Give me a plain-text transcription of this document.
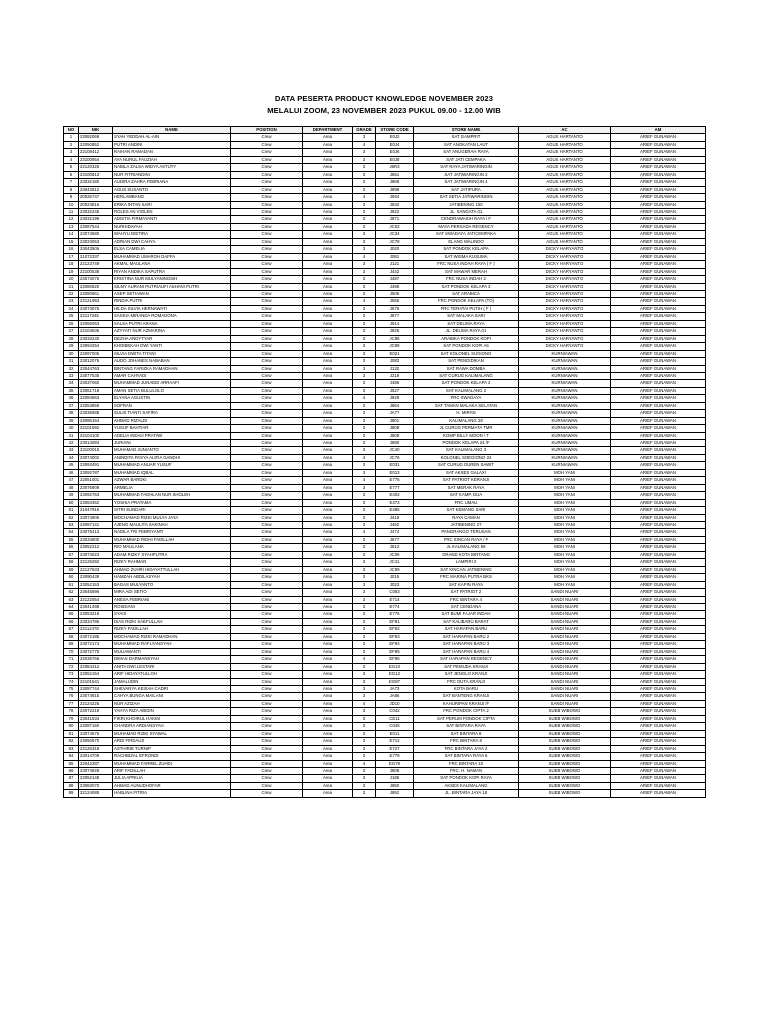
DATA PESERTA PRODUCT KNOWLEDGE NOVEMBER 2023
MELALUI ZOOM, 23 NOVEMBER 2023 PUKUL 09.00 - 12.00 WIB
NO	NIK	NAME	POSITION	DEPARTMENT	GRADE	STORE CODE	STORE NAME	AC	AM
1	23082069	SYAH YEDDAH AL-AIN	Crew	Area	3	E0J2	SAT GAMPRIT	AGUS HARTANTO	ARIEF GUNAWAN
2	22050852	PUTRI ANDINI	Crew	Area	4	E0J4	SAT ANGKATAN LAUT	AGUS HARTANTO	ARIEF GUNAWAN
3	22108412	RAIHAN RAMADAN	Crew	Area	3	E0J6	SAT ANUGERAH RAYA	AGUS HARTANTO	ARIEF GUNAWAN
4	23100654	AYA NURUL FAUZIAH	Crew	Area	3	E0J8	SAT JATI CEMPAKA	AGUS HARTANTO	ARIEF GUNAWAN
5	22120326	NABILA ZALSA WIDYA ASTUTY	Crew	Area	3	J6R3	SAT RAYA JATIWARINGIN	AGUS HARTANTO	ARIEF GUNAWAN
6	23100813	NUR FITRIANDINI	Crew	Area	3	J851	SAT JATIWARINGIN 2	AGUS HARTANTO	ARIEF GUNAWAN
7	23032180	AUDIRA ZAHRA FEBRIANA	Crew	Area	3	J868	SAT JATIWARINGIN 4	AGUS HARTANTO	ARIEF GUNAWAN
8	23043512	AGUS SUSANTO	Crew	Area	3	J899	SAT JATIPURA	AGUS HARTANTO	ARIEF GUNAWAN
9	20026747	HERLAMBANG	Crew	Area	4	J934	SAT SETIA JATIWARINGIN	AGUS HARTANTO	ARIEF GUNAWAN
10	20023816	ERIKA INTAN SARI	Crew	Area	3	J832	JATIBENING 150	AGUS HARTANTO	ARIEF GUNAWAN
11	23032245	ROLES AN VIOLEN	Crew	Area	3	J822	JL. SANGATA 01	AGUS HARTANTO	ARIEF GUNAWAN
12	23032199	ADISTIA FIRMAYANTI	Crew	Area	3	J871	CENDRAWASIH RAYA / F	AGUS HARTANTO	ARIEF GUNAWAN
13	23087544	NURHIDAYAH	Crew	Area	3	JC02	MAYA PERSADA REGENCY	AGUS HARTANTO	ARIEF GUNAWAN
14	23074580	WAHYU DIETIRA	Crew	Area	3	JC34	SAT SWADAYA JATICEMPAKA	AGUS HARTANTO	ARIEF GUNAWAN
15	23023063	ADRIAN DWI CAHYA	Crew	Area	3	JC78	ELANG MALINDO	AGUS HARTANTO	ARIEF GUNAWAN
16	23043506	ELSA CAMELIA	Crew	Area	3	J020	SAT PONDOK KELAPA	DICKY HARYANTO	ARIEF GUNAWAN
17	21072337	MUHAMMAD UMAROH DAFFA	Crew	Area	4	J081	SAT WISMA KUSUMA	DICKY HARYANTO	ARIEF GUNAWAN
18	22123749	AKMAL MAULANA	Crew	Area	3	J121	FRC NUSA INDAH RAYA ( F )	DICKY HARYANTO	ARIEF GUNAWAN
19	22100538	RIYAN ANDIKA SAPUTRA	Crew	Area	3	J442	SAT MAWAR MERAH	DICKY HARYANTO	ARIEF GUNAWAN
20	23073076	KRISTINA NUR MULYANINGSIH	Crew	Area	3	J487	FRC NUSA INDAH 2	DICKY HARYANTO	ARIEF GUNAWAN
21	23080820	SILMY AURANI PUTRIAUFI ASHANI PUTRI	Crew	Area	3	J498	SAT PONDOK KELAPA 3	DICKY HARYANTO	ARIEF GUNAWAN
22	23080861	ASEP SETIAWAN	Crew	Area	3	J506	SAT ARABICA	DICKY HARYANTO	ARIEF GUNAWAN
23	22121953	RINDIA PUTRI	Crew	Area	4	J556	FRC PONDOK KELAPA (TO)	DICKY HARYANTO	ARIEF GUNAWAN
24	23073075	HILDA SILVIA HERNAWATI	Crew	Area	3	J675	FRC TERATAI PUTIH ( F )	DICKY HARYANTO	ARIEF GUNAWAN
25	22117345	SASKIA MIRANDA ROMADONA	Crew	Area	3	J877	SAT MALAKA SARI	DICKY HARYANTO	ARIEF GUNAWAN
26	22066053	SALSA PUTRI ARANA	Crew	Area	3	J914	SAT DELIMA RAYA	DICKY HARYANTO	ARIEF GUNAWAN
27	22104536	AZYYATI NUR AZMARINA	Crew	Area	3	J825	JL. DELIMA RAYA 01	DICKY HARYANTO	ARIEF GUNAWAN
28	23033240	DEZHA ANDYTYAR	Crew	Area	3	JC86	ARABIKA PONDOK KOPI	DICKY HARYANTO	ARIEF GUNAWAN
29	23094254	KHOIBEKAH DWI YANTI	Crew	Area	3	JC98	SAT PONDOK KOPI A6	DICKY HARYANTO	ARIEF GUNAWAN
30	22097005	SILVIA DWITA TITANI	Crew	Area	3	E021	SAT KOLONEL SUGIONO	KURNIAWAN	ARIEF GUNAWAN
31	23012076	AUDO JOHANES NABABAN	Crew	Area	3	J082	SAT PENDIDIKAN	KURNIAWAN	ARIEF GUNAWAN
32	23044763	BINTANG FARIZKA RAMADHAN	Crew	Area	3	J132	SAT RAWA DOMBA	KURNIAWAN	ARIEF GUNAWAN
33	23077535	AMAR CAHYADI	Crew	Area	3	J219	SAT CURUG KALIMALANG	KURNIAWAN	ARIEF GUNAWAN
34	23037060	MUHAMMAD JUNAEDI ARRAAFI	Crew	Area	3	J486	SAT PONDOK KELAPA 2	KURNIAWAN	ARIEF GUNAWAN
35	23061718	AMAN SETIA BULULOLO	Crew	Area	3	J527	SAT KALIMALANG 2	KURNIAWAN	ARIEF GUNAWAN
36	22084663	ELYANA AGUSTIN	Crew	Area	4	J829	FRC SWADAYA	KURNIAWAN	ARIEF GUNAWAN
37	22053859	SOFRAN	Crew	Area	3	J864	SAT TAMAN MALAKA SELATAN	KURNIAWAN	ARIEF GUNAWAN
38	23035588	SULIS TIANTI SAFIRA	Crew	Area	3	JA77	H. MIRAN	KURNIAWAN	ARIEF GUNAWAN
39	23086154	AHMAD RIZALDI	Crew	Area	3	J801	KALIMALANG 28	KURNIAWAN	ARIEF GUNAWAN
40	22101592	YUSUF BAHTIAR	Crew	Area	3	J808	JL CURUG PERMATA TMR	KURNIAWAN	ARIEF GUNAWAN
41	22104100	ADELIA INDAH PRATIWI	Crew	Area	3	J809	KOMP BILLY MOON / T	KURNIAWAN	ARIEF GUNAWAN
42	23014084	JURIANI	Crew	Area	3	J880	PONDOK KELAPA 24 /F	KURNIAWAN	ARIEF GUNAWAN
43	23100015	MUHAMAD JUNIANTO	Crew	Area	3	JC40	SAT KALIMALANG 3	KURNIAWAN	ARIEF GUNAWAN
44	23074002	ANINDITA PASYA ALIFIA GANDHI	Crew	Area	4	JC76	KOLONEL SOEGIONO 22	KURNIAWAN	ARIEF GUNAWAN
45	23093491	MUHAMMAD ANUAR YUSUF	Crew	Area	3	E031	SAT CURUG DUREN SAWIT	KURNIAWAN	ARIEF GUNAWAN
46	23092787	MUHAMMAD IQBAL	Crew	Area	3	E013	SAT AKSES GALAXI	MOH YANI	ARIEF GUNAWAN
47	22051001	AZWAR BARDKI	Crew	Area	4	E775	SAT PATRIOT KERANJI	MOH YANI	ARIEF GUNAWAN
48	23076909	ARMELIA	Crew	Area	3	E777	SAT MERAK RAYA	MOH YANI	ARIEF GUNAWAN
49	23092763	MUHAMMAD FADHLAN NUR SHOLEH	Crew	Area	3	E403	SAT KAMP. DUA	MOH YANI	ARIEF GUNAWAN
50	23063452	YOSHIA PRATAMA	Crew	Area	3	E473	FRC UMAU	MOH YANI	ARIEF GUNAWAN
51	21047916	SITRI SUNDARI	Crew	Area	3	E485	SAT KEMANG SARI	MOH YANI	ARIEF GUNAWAN
52	23074906	MOCHAMAD RIZKI MULYA JAYA	Crew	Area	3	J419	RAYA CAMAN	MOH YANI	ARIEF GUNAWAN
53	23087141	AJENG MAULITA SAKINAH	Crew	Area	3	J462	JATIBENING 27	MOH YANI	ARIEF GUNAWAN
54	23075413	NADILA TRI FEBRIYANTI	Crew	Area	4	J474	PANGRANGO TERUSAN	MOH YANI	ARIEF GUNAWAN
55	23034800	MUHAMMAD RIDHI FADILLAH	Crew	Area	3	J677	FRC KINCAN RAYA / F	MOH YANI	ARIEF GUNAWAN
56	23052212	RIO MAULANA	Crew	Area	3	J812	JL KALIMALANG 56	MOH YANI	ARIEF GUNAWAN
57	23074023	ADAM RIZKY SYAHPUTRA	Crew	Area	3	JC06	GRAND KOTA BINTANG	MOH YANI	ARIEF GUNAWAN
58	22126292	RIZKY RAHMAN	Crew	Area	3	JC41	LAMPIRI 2	MOH YANI	ARIEF GUNAWAN
59	22127633	AHMAD ZUHRI HIDAYATTULLAH	Crew	Area	3	JC99	SAT KINCAN JATIBENING	MOH YANI	ARIEF GUNAWAN
60	23090439	HAMZAH ABDILASYAH	Crew	Area	3	J015	FRC MARINA PUTRA BKS	MOH YANI	ARIEF GUNAWAN
61	23052153	BAGAS MULYANTO	Crew	Area	3	J023	SAT KAPIN RAYA	MOH YANI	ARIEF GUNAWAN
62	23045596	MIRA ADI SETIO	Crew	Area	3	C053	SAT PATRIOT 2	SANDI NUARI	ARIEF GUNAWAN
63	22122054	ANESA FEBRIANI	Crew	Area	3	E714	FRC BINTARA 4	SANDI NUARI	ARIEF GUNAWAN
64	23041498	ROSDIANI	Crew	Area	3	E774	SAT CENDANA	SANDI NUARI	ARIEF GUNAWAN
65	23053218	SYAIS	Crew	Area	3	E776	SAT BUMI FAJAR INDAH	SANDI NUARI	ARIEF GUNAWAN
66	23034786	DIAS RIZKI SAEFULLAH	Crew	Area	3	EF81	SAT KALIBARU BARAT	SANDI NUARI	ARIEF GUNAWAN
67	22112478	RIZKY FADILLAH	Crew	Area	3	EF82	SAT HARAPAN BARU	SANDI NUARI	ARIEF GUNAWAN
68	23072185	MOCHAMAD RIZKI RAMADHAN	Crew	Area	3	EF83	SAT HARAPAN BARU 2	SANDI NUARI	ARIEF GUNAWAN
69	23072174	MUHAMMAD RAFLYANSYAH	Crew	Area	3	EF84	SAT HARAPAN BARU 3	SANDI NUARI	ARIEF GUNAWAN
70	23072775	MULIAWANTI	Crew	Area	3	EF85	SAT HARAPAN BARU 4	SANDI NUARI	ARIEF GUNAWAN
71	22035766	DIMAS DARMANSYAH	Crew	Area	4	EF86	SAT HARAPAN REGENCY	SANDI NUARI	ARIEF GUNAWAN
72	22084312	ANITA DWI LESTARI	Crew	Area	3	EG10	SAT PEMUDA KRANJI	SANDI NUARI	ARIEF GUNAWAN
73	23052154	ARIF HIDAYATULLOH	Crew	Area	3	EG12	SAT JENGLO KRANJI	SANDI NUARI	ARIEF GUNAWAN
74	22101541	JAMALUDIN	Crew	Area	3	EG87	FRC DUTA KRANJI	SANDI NUARI	ARIEF GUNAWAN
75	23097744	SHEVANYA KEISAH CADRI	Crew	Area	3	JA73	KOTA BARU	SANDI NUARI	ARIEF GUNAWAN
76	23074915	CAHYA BUNGA MAILANI	Crew	Area	3	JA86	SAT BANTENG KRANJI	SANDI NUARI	ARIEF GUNAWAN
77	22124225	NUR AZIZAH	Crew	Area	4	JD10	KAHURIPAN KRANJI /F	SANDI NUARI	ARIEF GUNAWAN
78	23072219	YAHYA RIZA ABIDIN	Crew	Area	3	C042	FRC PONDOK CIPTA 2	SUEB WIBOWO	ARIEF GUNAWAN
79	23041534	FIKRI KHOIRUL HAKIM	Crew	Area	3	CE11	SAT PERUM PONDOK CIPTA	SUEB WIBOWO	ARIEF GUNAWAN
80	23087150	CHANDRA ARDIANSYAH	Crew	Area	3	C045	SAT BINTARA RAYA	SUEB WIBOWO	ARIEF GUNAWAN
81	23074576	MUHAMAD RIZKI SYAWAL	Crew	Area	3	E011	SAT BINTARA 8	SUEB WIBOWO	ARIEF GUNAWAN
82	23050570	ARDI FIRDAUS	Crew	Area	3	E712	FRC BINTARA 8	SUEB WIBOWO	ARIEF GUNAWAN
83	22126318	ASTHIRIE TURNIP	Crew	Area	3	E727	FRC BINTARA JAYA 2	SUEB WIBOWO	ARIEF GUNAWAN
84	23014709	RACHBIZAL EFRONDI	Crew	Area	3	E779	SAT BINTARA RAYA 6	SUEB WIBOWO	ARIEF GUNAWAN
85	22042287	MUHAMMAD FARREL ZUHDI	Crew	Area	4	EG79	FRC BINTARA 10	SUEB WIBOWO	ARIEF GUNAWAN
86	23074928	ARIF FADILLAH	Crew	Area	3	J808	FRC. H. NAMAN	SUEB WIBOWO	ARIEF GUNAWAN
87	23052148	JULIA APRILIA	Crew	Area	3	J185	SAT PONDOK KOPI RAYA	SUEB WIBOWO	ARIEF GUNAWAN
88	23083070	AHMAD AUNUDHOFAR	Crew	Area	3	J850	AKSES KALIMALANG	SUEB WIBOWO	ARIEF GUNAWAN
89	22124085	HABLINA FITRIA	Crew	Area	3	J852	JL. BINTARA JAYA 18	SUEB WIBOWO	ARIEF GUNAWAN
